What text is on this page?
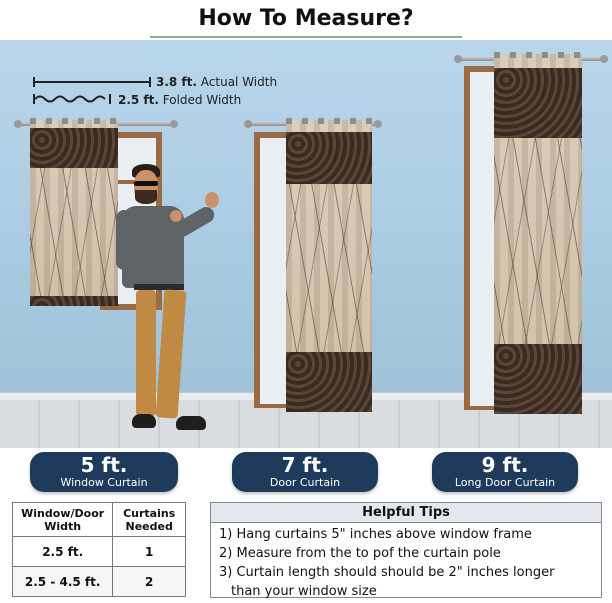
How To Measure?
3.8 ft. Actual Width
2.5 ft. Folded Width
5 ft.
Window Curtain
7 ft.
Door Curtain
9 ft.
Long Door Curtain
Window/Door Width	Curtains Needed
2.5 ft.	1
2.5 - 4.5 ft.	2
Helpful Tips
1) Hang curtains 5" inches above window frame
2) Measure from the to pof the curtain pole
3) Curtain length should should be 2" inches longer
than your window size
